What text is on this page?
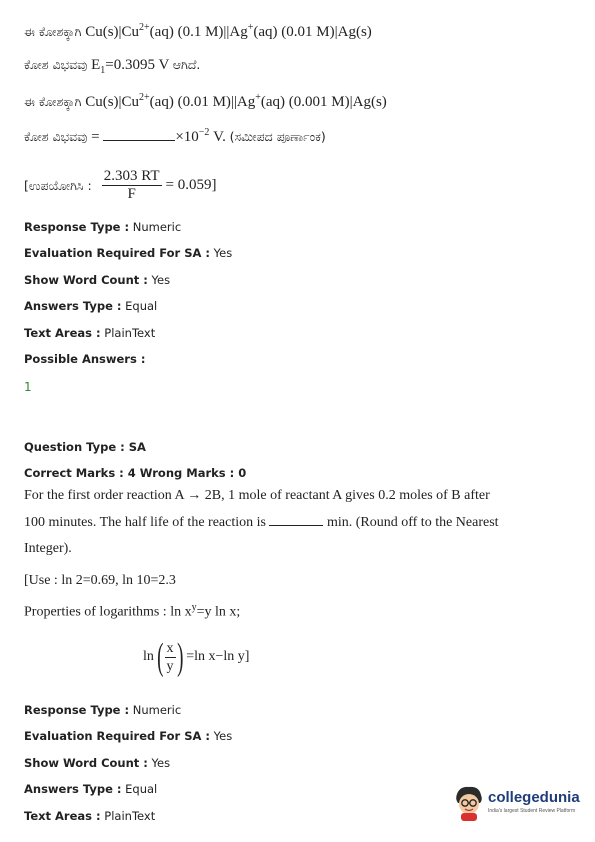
ಈ ಕೋಶಕ್ಕಾಗಿ $Cu(s)|Cu^{2+}(aq)$ (0.1 M)||Ag+(aq) (0.01 M)|Ag(s)
ಕೋಶ ವಿಭವವು $E_1=0.3095$ V ಆಗಿದೆ.
ಈ ಕೋಶಕ್ಕಾಗಿ $Cu(s)|Cu^{2+}(aq)$ (0.01 M)||Ag+(aq) (0.001 M)|Ag(s)
ಕೋಶ ವಿಭವವು =	$\times 10^{-2}$ V. (ಸಮೀಪದ ಪೂರ್ಣಾಂಕ)
[ಉಪಯೋಗಿಸಿ : $\frac{2.303 RT}{F} = 0.059$]
Response Type : Numeric
Evaluation Required For SA : Yes
Show Word Count : Yes
Answers Type : Equal
Text Areas : PlainText
Possible Answers :
1
Question Type : SA
Correct Marks : 4 Wrong Marks : 0
For the first order reaction A → 2B, 1 mole of reactant A gives 0.2 moles of B after
100 minutes. The half life of the reaction is	min. (Round off to the Nearest
Integer).
[Use : ln 2=0.69, ln 10=2.3
Properties of logarithms : $\ln x^y=y$ ln x;
ln ( $\frac{x}{y}$ ) =ln x−ln y]
Response Type : Numeric
Evaluation Required For SA : Yes
Show Word Count : Yes
Answers Type : Equal
Text Areas : PlainText
collegedunia
India's largest Student Review Platform
